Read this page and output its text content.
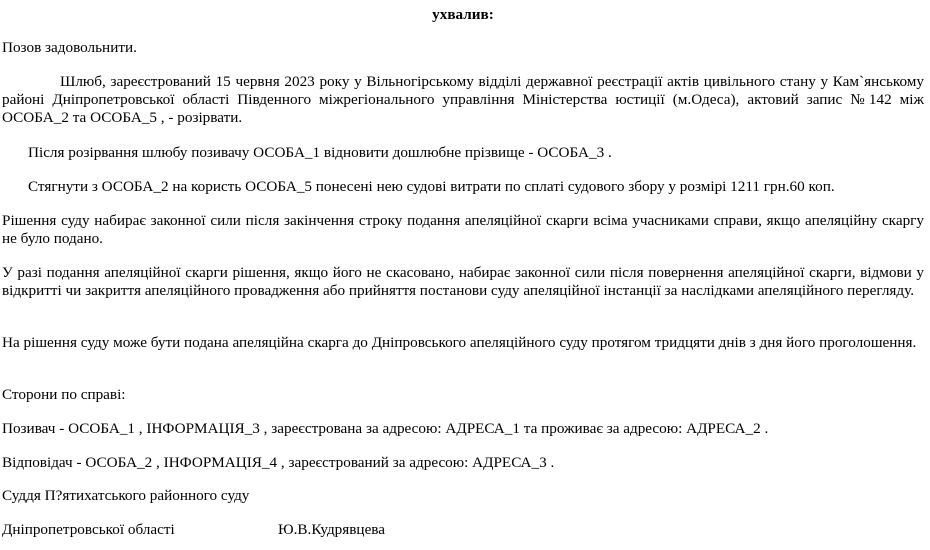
ухвалив:

Позов задовольнити.

Шлюб, зареєстрований 15 червня 2023 року у Вільногірському відділі державної реєстрації актів цивільного стану у Кам`янському районі Дніпропетровської області Південного міжрегіонального управління Міністерства юстиції (м.Одеса), актовий запис №142 між ОСОБА_2 та ОСОБА_5 , - розірвати.

Після розірвання шлюбу позивачу ОСОБА_1 відновити дошлюбне прізвище - ОСОБА_3 .

Стягнути з ОСОБА_2 на користь ОСОБА_5 понесені нею судові витрати по сплаті судового збору у розмірі 1211 грн.60 коп.

Рішення суду набирає законної сили після закінчення строку подання апеляційної скарги всіма учасниками справи, якщо апеляційну скаргу не було подано.

У разі подання апеляційної скарги рішення, якщо його не скасовано, набирає законної сили після повернення апеляційної скарги, відмови у відкритті чи закриття апеляційного провадження або прийняття постанови суду апеляційної інстанції за наслідками апеляційного перегляду.

На рішення суду може бути подана апеляційна скарга до Дніпровського апеляційного суду протягом тридцяти днів з дня його проголошення.

Сторони по справі:

Позивач - ОСОБА_1 , ІНФОРМАЦІЯ_3 , зареєстрована за адресою: АДРЕСА_1 та проживає за адресою: АДРЕСА_2 .

Відповідач - ОСОБА_2 , ІНФОРМАЦІЯ_4 , зареєстрований за адресою: АДРЕСА_3 .

Суддя П?ятихатського районного суду

Дніпропетровської області	Ю.В.Кудрявцева
